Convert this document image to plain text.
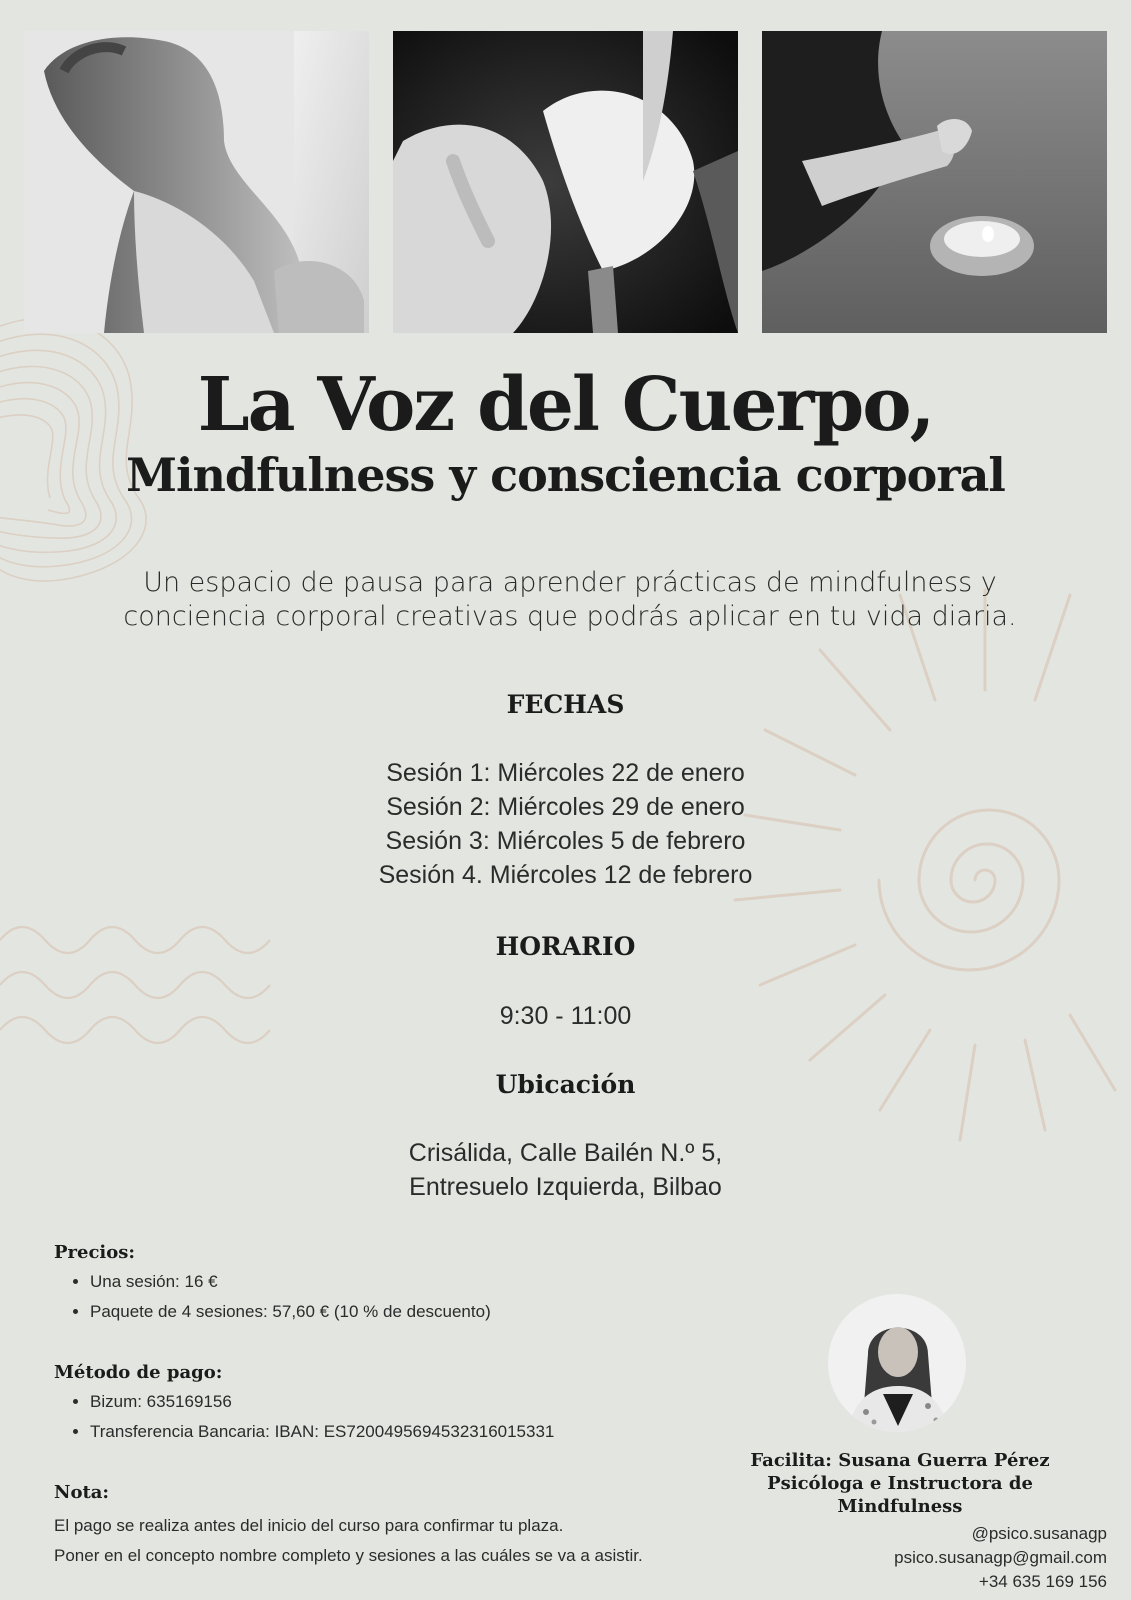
La Voz del Cuerpo,
Mindfulness y consciencia corporal
Un espacio de pausa para aprender prácticas de mindfulness y
conciencia corporal creativas que podrás aplicar en tu vida diaria.
FECHAS
Sesión 1: Miércoles 22 de enero
Sesión 2: Miércoles 29 de enero
Sesión 3: Miércoles 5 de febrero
Sesión 4. Miércoles 12 de febrero
HORARIO
9:30 - 11:00
Ubicación
Crisálida, Calle Bailén N.º 5,
Entresuelo Izquierda, Bilbao
Precios:
• Una sesión: 16 €
• Paquete de 4 sesiones: 57,60 € (10 % de descuento)
Método de pago:
• Bizum: 635169156
• Transferencia Bancaria: IBAN: ES7200495694532316015331
Nota:
El pago se realiza antes del inicio del curso para confirmar tu plaza.
Poner en el concepto nombre completo y sesiones a las cuáles se va a asistir.
Facilita: Susana Guerra Pérez
Psicóloga e Instructora de
Mindfulness
@psico.susanagp
psico.susanagp@gmail.com
+34 635 169 156
